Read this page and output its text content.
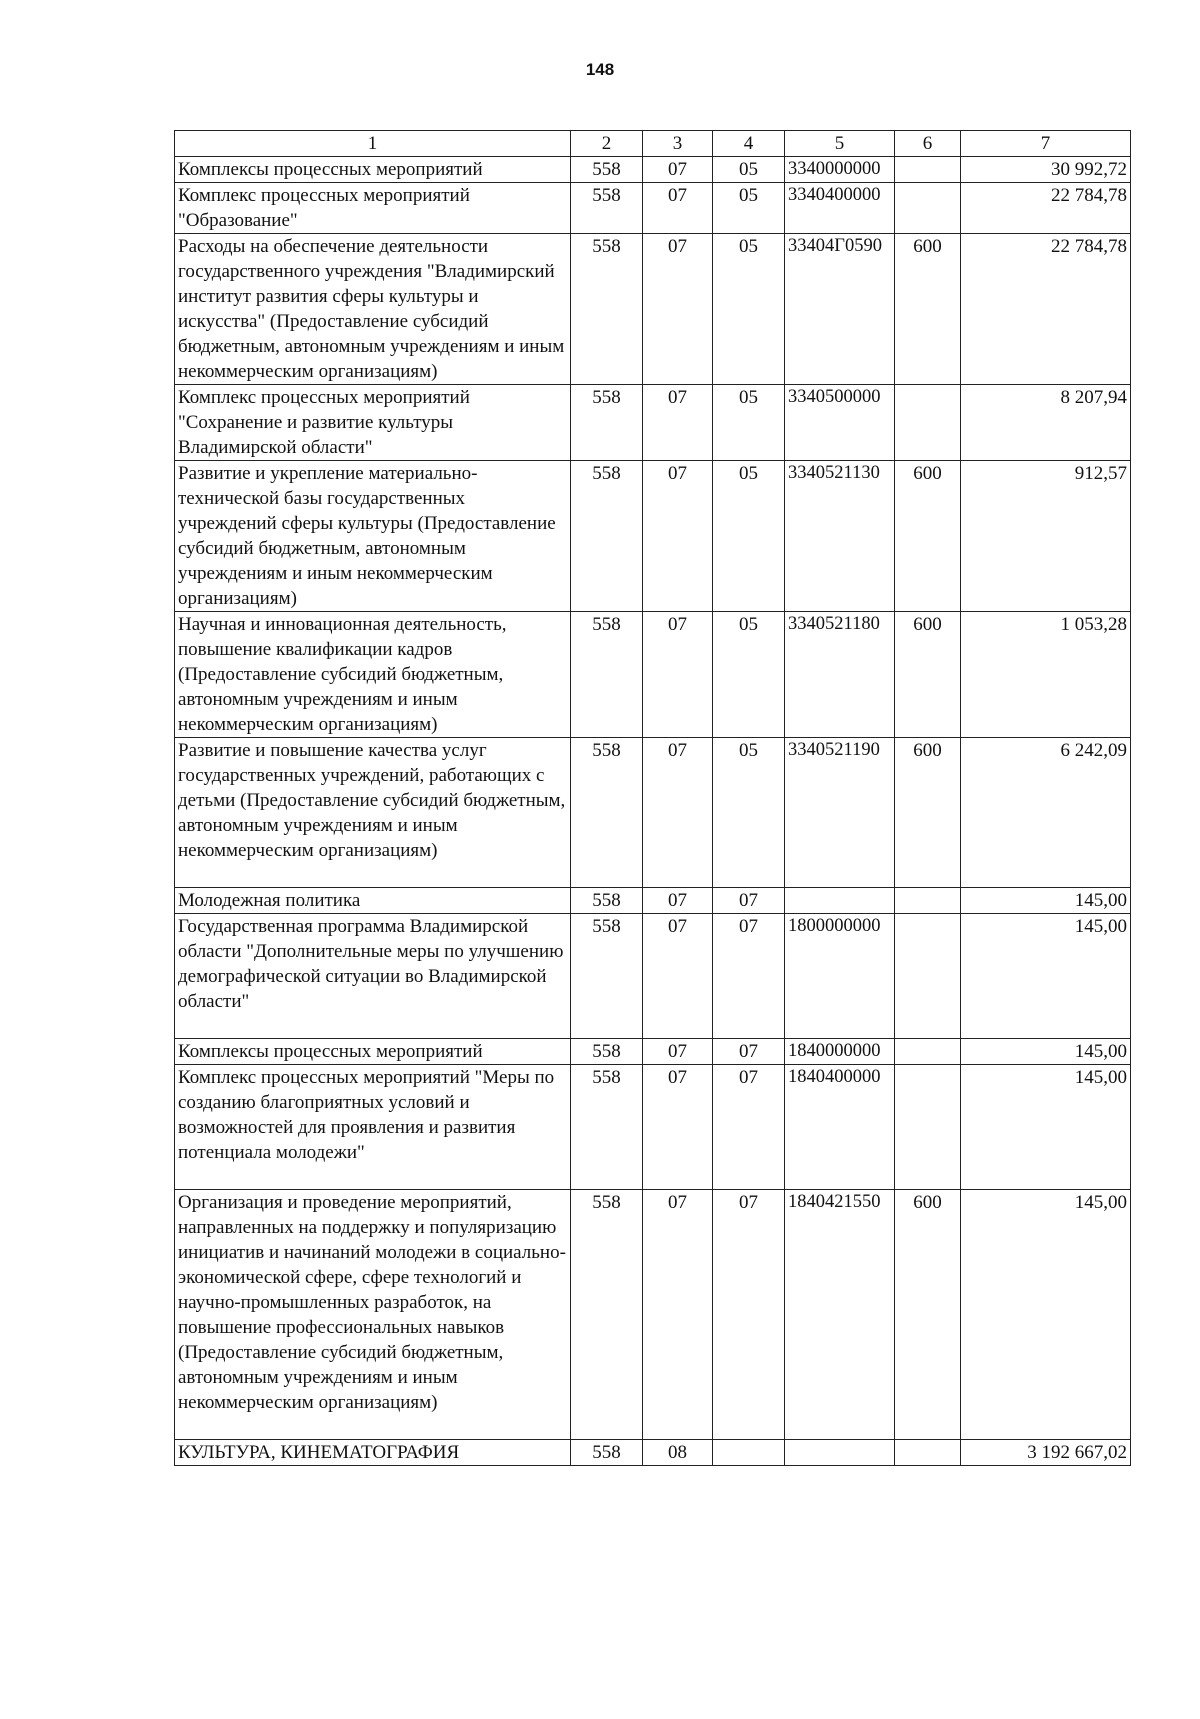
148
1	2	3	4	5	6	7
Комплексы процессных мероприятий	558	07	05	3340000000		30 992,72
Комплекс процессных мероприятий "Образование"	558	07	05	3340400000		22 784,78
Расходы на обеспечение деятельности государственного учреждения "Владимирский институт развития сферы культуры и искусства" (Предоставление субсидий бюджетным, автономным учреждениям и иным некоммерческим организациям)	558	07	05	33404Г0590	600	22 784,78
Комплекс процессных мероприятий "Сохранение и развитие культуры Владимирской области"	558	07	05	3340500000		8 207,94
Развитие и укрепление материально-технической базы государственных учреждений сферы культуры (Предоставление субсидий бюджетным, автономным учреждениям и иным некоммерческим организациям)	558	07	05	3340521130	600	912,57
Научная и инновационная деятельность, повышение квалификации кадров (Предоставление субсидий бюджетным, автономным учреждениям и иным некоммерческим организациям)	558	07	05	3340521180	600	1 053,28
Развитие и повышение качества услуг государственных учреждений, работающих с детьми (Предоставление субсидий бюджетным, автономным учреждениям и иным некоммерческим организациям)	558	07	05	3340521190	600	6 242,09
Молодежная политика	558	07	07			145,00
Государственная программа Владимирской области "Дополнительные меры по улучшению демографической ситуации во Владимирской области"	558	07	07	1800000000		145,00
Комплексы процессных мероприятий	558	07	07	1840000000		145,00
Комплекс процессных мероприятий "Меры по созданию благоприятных условий и возможностей для проявления и развития потенциала молодежи"	558	07	07	1840400000		145,00
Организация и проведение мероприятий, направленных на поддержку и популяризацию инициатив и начинаний молодежи в социально-экономической сфере, сфере технологий и научно-промышленных разработок, на повышение профессиональных навыков (Предоставление субсидий бюджетным, автономным учреждениям и иным некоммерческим организациям)	558	07	07	1840421550	600	145,00
КУЛЬТУРА, КИНЕМАТОГРАФИЯ	558	08				3 192 667,02
